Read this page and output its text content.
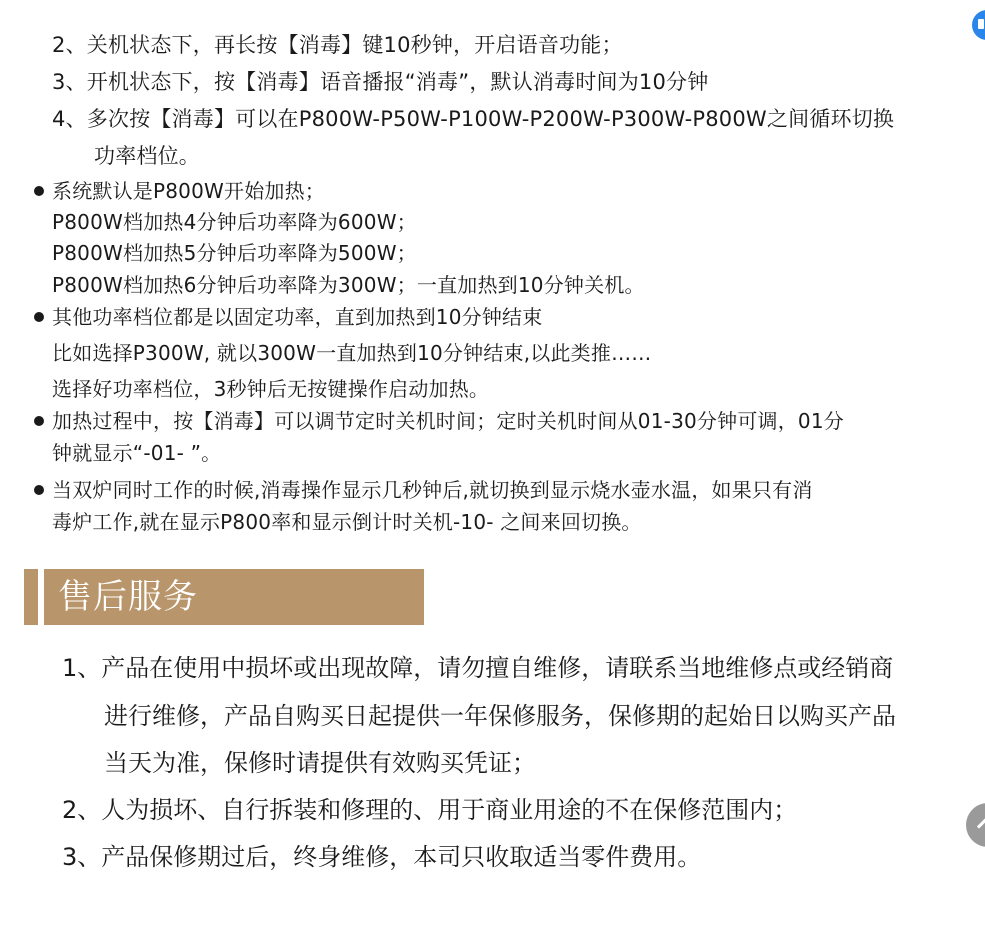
2、关机状态下，再长按【消毒】键10秒钟，开启语音功能；
3、开机状态下，按【消毒】语音播报“消毒”，默认消毒时间为10分钟
4、多次按【消毒】可以在P800W-P50W-P100W-P200W-P300W-P800W之间循环切换
功率档位。
系统默认是P800W开始加热；
P800W档加热4分钟后功率降为600W；
P800W档加热5分钟后功率降为500W；
P800W档加热6分钟后功率降为300W；一直加热到10分钟关机。
其他功率档位都是以固定功率，直到加热到10分钟结束
比如选择P300W, 就以300W一直加热到10分钟结束,以此类推……
选择好功率档位，3秒钟后无按键操作启动加热。
加热过程中，按【消毒】可以调节定时关机时间；定时关机时间从01-30分钟可调，01分
钟就显示“-01- ”。
当双炉同时工作的时候,消毒操作显示几秒钟后,就切换到显示烧水壶水温，如果只有消
毒炉工作,就在显示P800率和显示倒计时关机-10- 之间来回切换。
售后服务
1、产品在使用中损坏或出现故障，请勿擅自维修，请联系当地维修点或经销商
进行维修，产品自购买日起提供一年保修服务，保修期的起始日以购买产品
当天为准，保修时请提供有效购买凭证；
2、人为损坏、自行拆装和修理的、用于商业用途的不在保修范围内；
3、产品保修期过后，终身维修，本司只收取适当零件费用。
